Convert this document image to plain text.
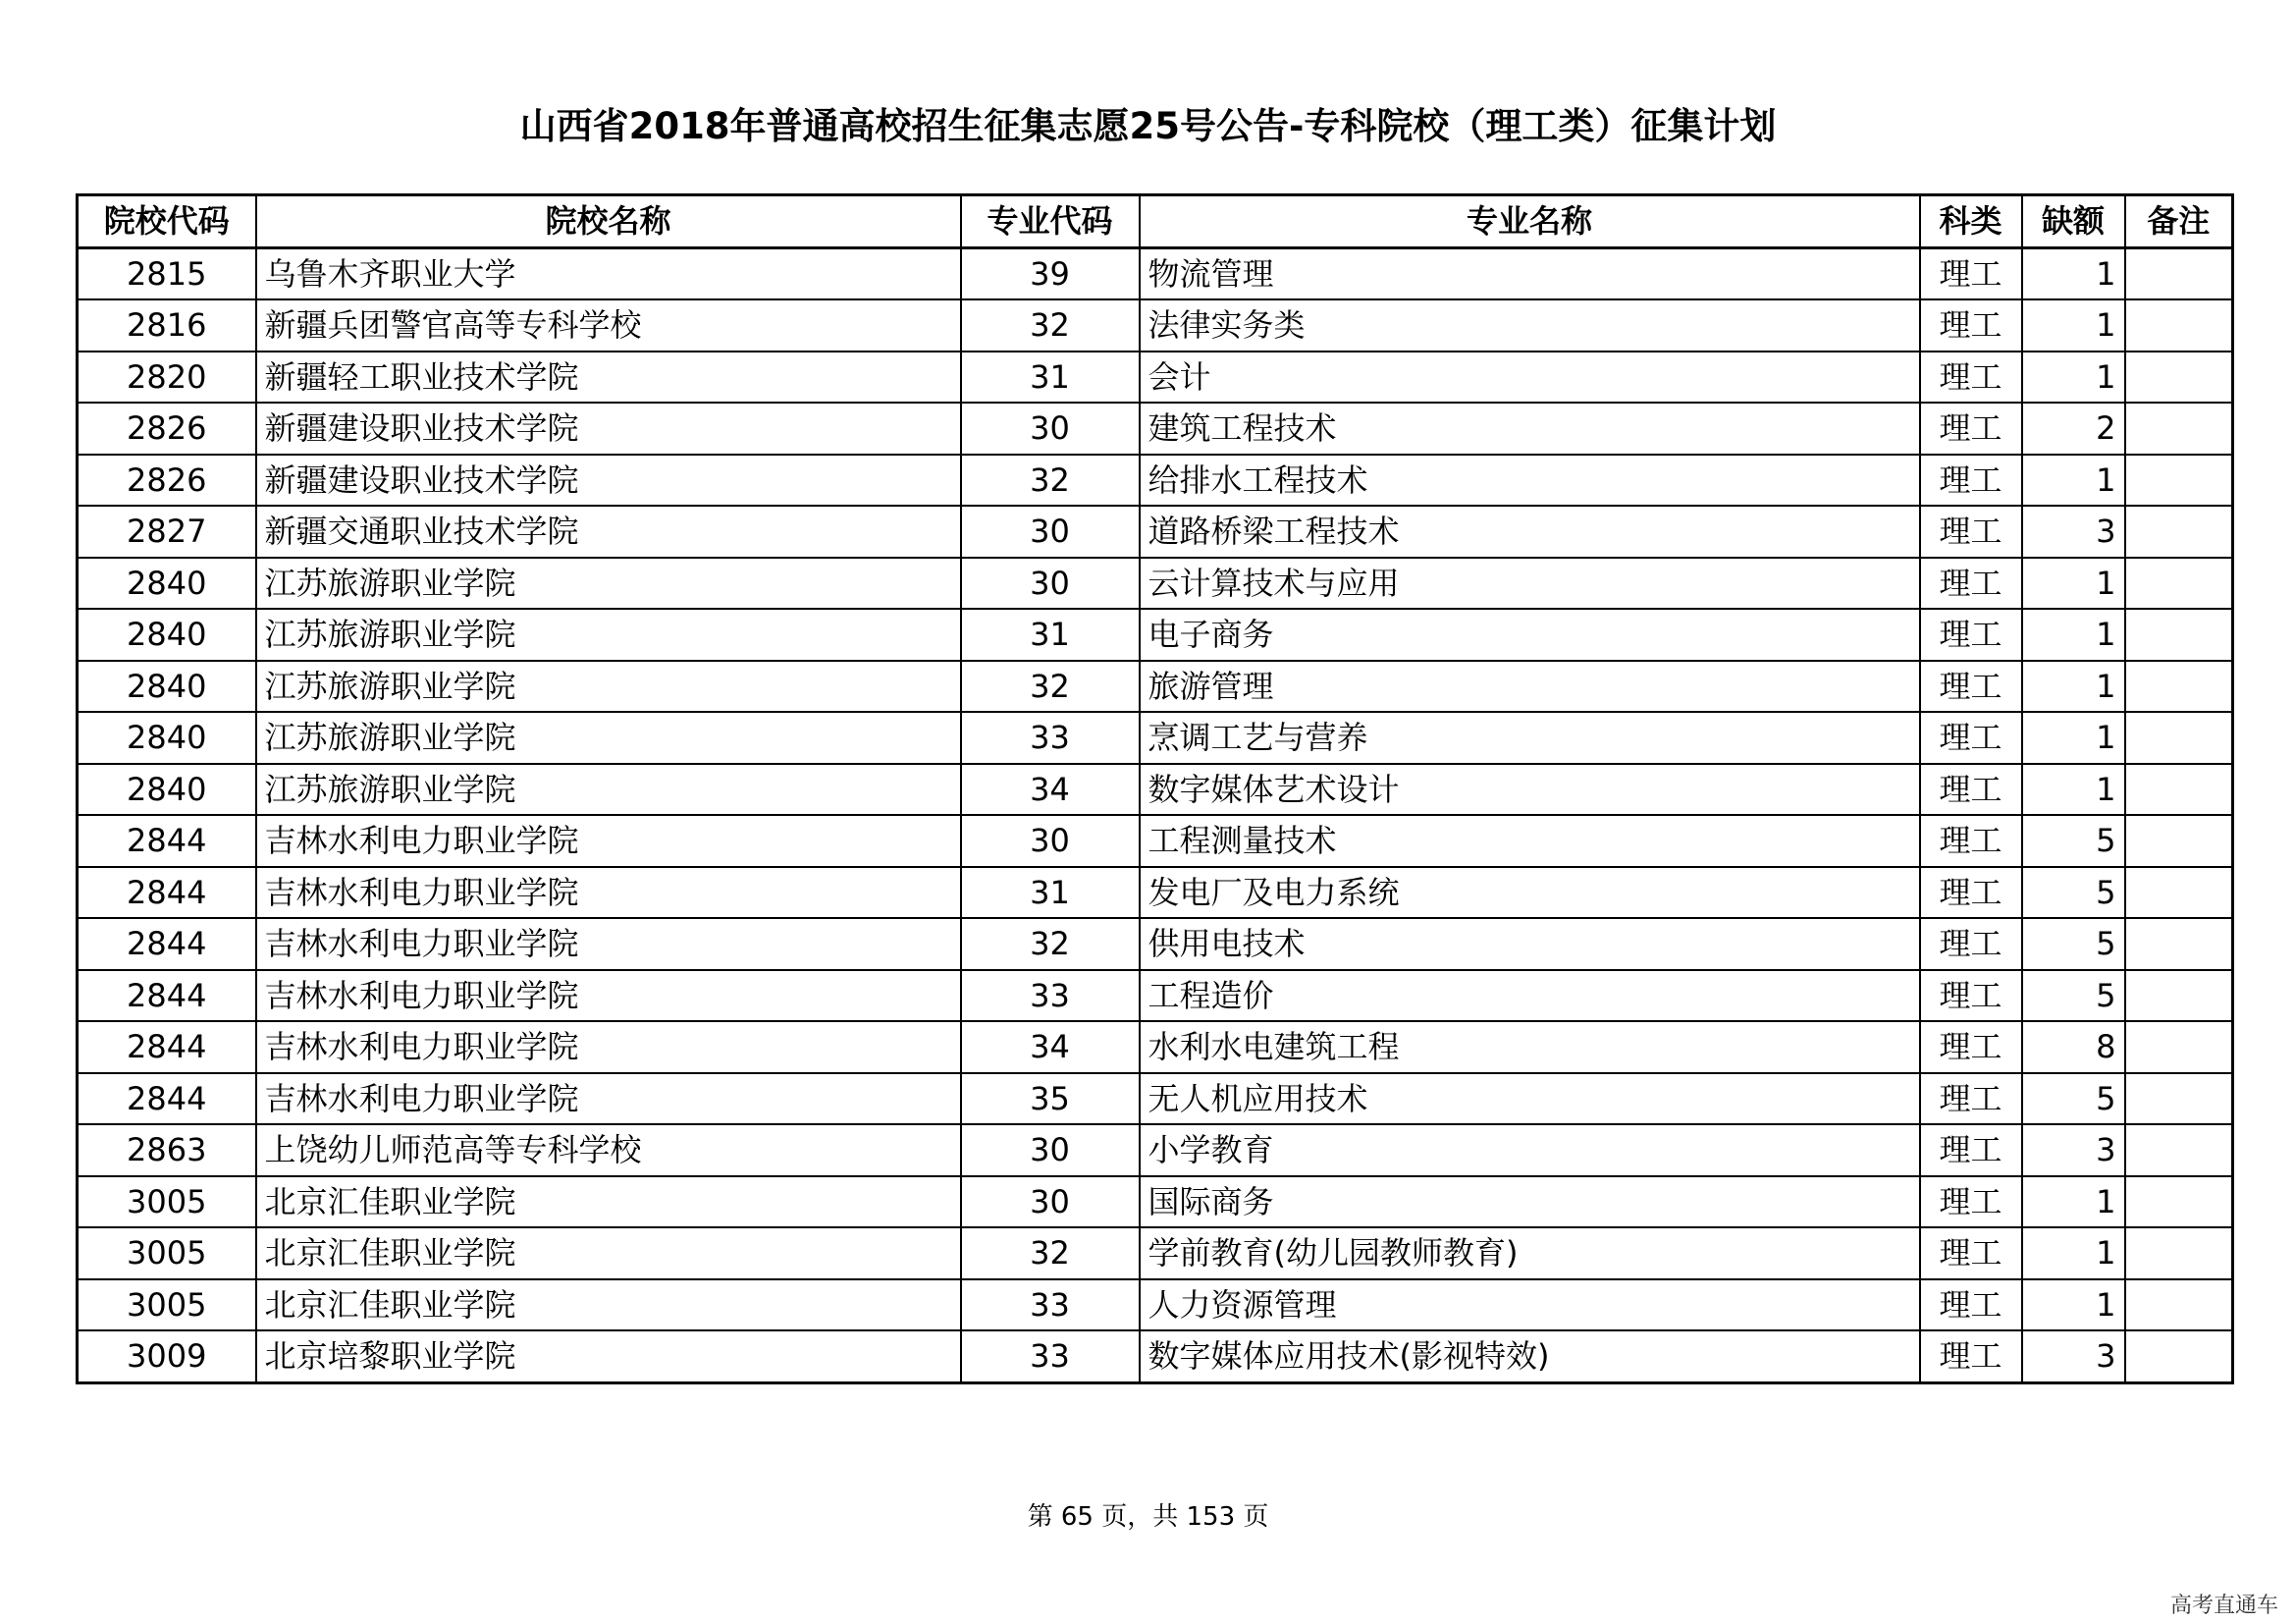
山西省2018年普通高校招生征集志愿25号公告-专科院校（理工类）征集计划
院校代码	院校名称	专业代码	专业名称	科类	缺额	备注
2815	乌鲁木齐职业大学	39	物流管理	理工	1	
2816	新疆兵团警官高等专科学校	32	法律实务类	理工	1	
2820	新疆轻工职业技术学院	31	会计	理工	1	
2826	新疆建设职业技术学院	30	建筑工程技术	理工	2	
2826	新疆建设职业技术学院	32	给排水工程技术	理工	1	
2827	新疆交通职业技术学院	30	道路桥梁工程技术	理工	3	
2840	江苏旅游职业学院	30	云计算技术与应用	理工	1	
2840	江苏旅游职业学院	31	电子商务	理工	1	
2840	江苏旅游职业学院	32	旅游管理	理工	1	
2840	江苏旅游职业学院	33	烹调工艺与营养	理工	1	
2840	江苏旅游职业学院	34	数字媒体艺术设计	理工	1	
2844	吉林水利电力职业学院	30	工程测量技术	理工	5	
2844	吉林水利电力职业学院	31	发电厂及电力系统	理工	5	
2844	吉林水利电力职业学院	32	供用电技术	理工	5	
2844	吉林水利电力职业学院	33	工程造价	理工	5	
2844	吉林水利电力职业学院	34	水利水电建筑工程	理工	8	
2844	吉林水利电力职业学院	35	无人机应用技术	理工	5	
2863	上饶幼儿师范高等专科学校	30	小学教育	理工	3	
3005	北京汇佳职业学院	30	国际商务	理工	1	
3005	北京汇佳职业学院	32	学前教育(幼儿园教师教育)	理工	1	
3005	北京汇佳职业学院	33	人力资源管理	理工	1	
3009	北京培黎职业学院	33	数字媒体应用技术(影视特效)	理工	3	
第 65 页，共 153 页
高考直通车
